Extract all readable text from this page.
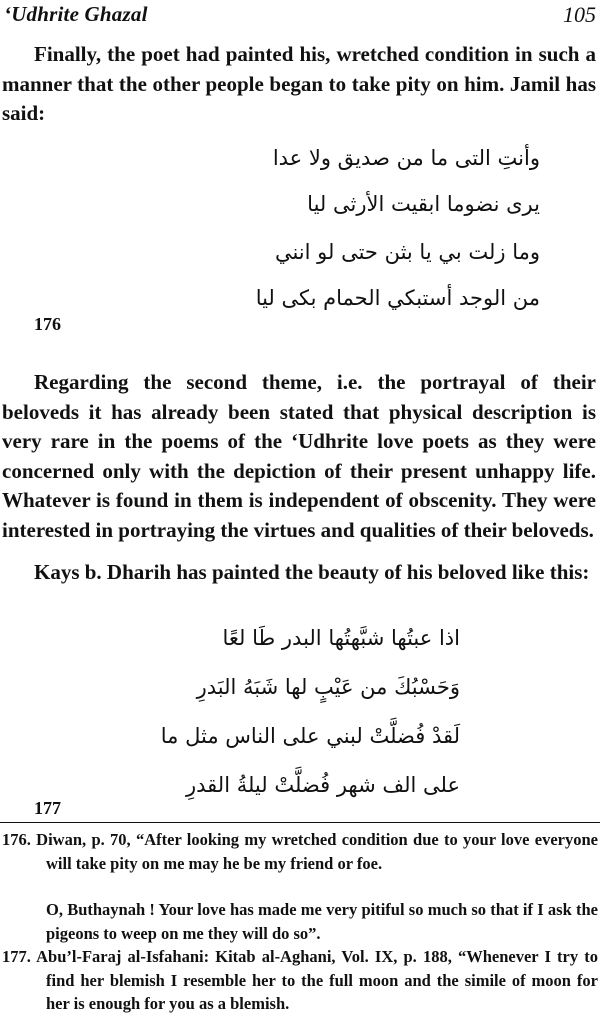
‘Udhrite Ghazal	105

Finally, the poet had painted his, wretched condition in such a manner that the other people began to take pity on him. Jamil has said:

وأنتِ التى ما من صديق ولا عدا

يرى نضوما ابقيت الأرثى ليا

وما زلت بي يا بثن حتى لو انني

من الوجد أستبكي الحمام بكى ليا

176

Regarding the second theme, i.e. the portrayal of their beloveds it has already been stated that physical description is very rare in the poems of the ‘Udhrite love poets as they were concerned only with the depiction of their present unhappy life. Whatever is found in them is independent of obscenity. They were interested in portraying the virtues and qualities of their beloveds.

Kays b. Dharih has painted the beauty of his beloved like this:

اذا عبتُها شبَّهتُها البدر طَا لعًا

وَحَسْبُكَ من عَيْبٍ لها شَبَهُ البَدرِ

لَقدْ فُضلَّتْ لبني على الناس مثل ما

على الف شهر فُضلَّتْ ليلةُ القدرِ

177

176. Diwan, p. 70, “After looking my wretched condition due to your love everyone will take pity on me may he be my friend or foe.

O, Buthaynah ! Your love has made me very pitiful so much so that if I ask the pigeons to weep on me they will do so”.

177. Abu’l-Faraj al-Isfahani: Kitab al-Aghani, Vol. IX, p. 188, “Whenever I try to find her blemish I resemble her to the full moon and the simile of moon for her is enough for you as a blemish.
